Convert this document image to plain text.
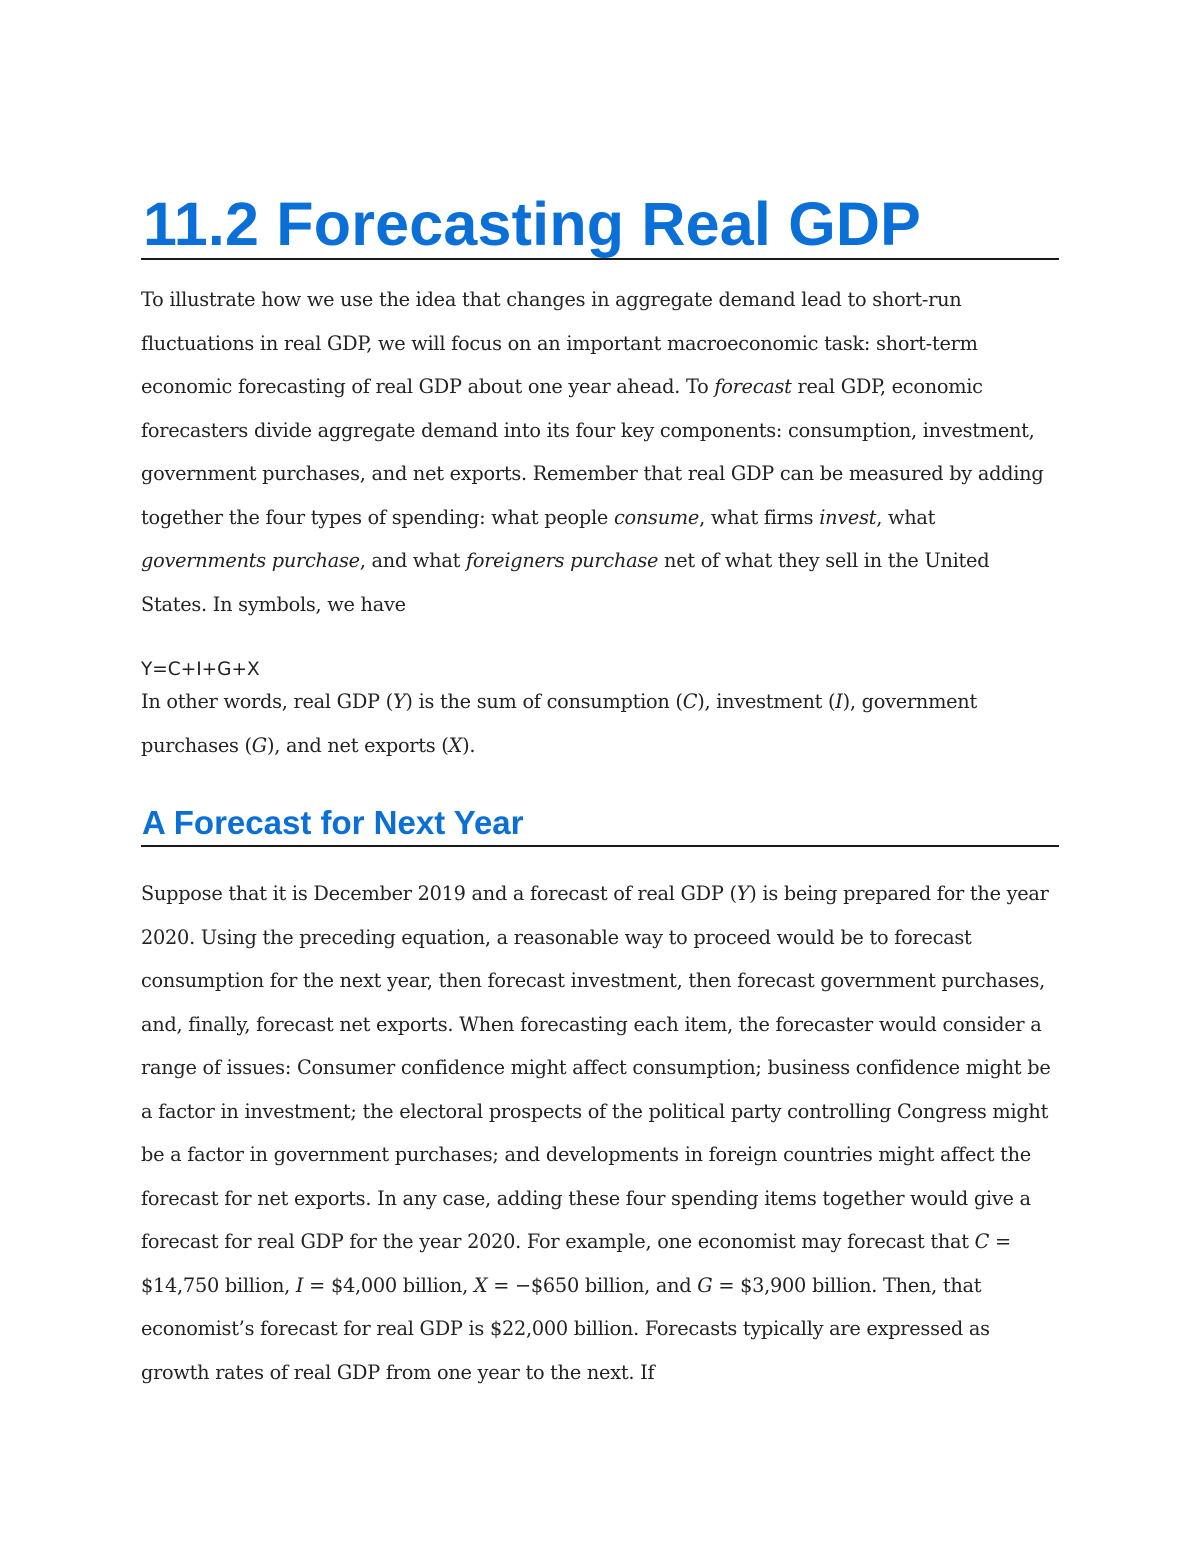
11.2 Forecasting Real GDP

To illustrate how we use the idea that changes in aggregate demand lead to short-run fluctuations in real GDP, we will focus on an important macroeconomic task: short-term economic forecasting of real GDP about one year ahead. To forecast real GDP, economic forecasters divide aggregate demand into its four key components: consumption, investment, government purchases, and net exports. Remember that real GDP can be measured by adding together the four types of spending: what people consume, what firms invest, what governments purchase, and what foreigners purchase net of what they sell in the United States. In symbols, we have

Y=C+I+G+X

In other words, real GDP (Y) is the sum of consumption (C), investment (I), government purchases (G), and net exports (X).

A Forecast for Next Year

Suppose that it is December 2019 and a forecast of real GDP (Y) is being prepared for the year 2020. Using the preceding equation, a reasonable way to proceed would be to forecast consumption for the next year, then forecast investment, then forecast government purchases, and, finally, forecast net exports. When forecasting each item, the forecaster would consider a range of issues: Consumer confidence might affect consumption; business confidence might be a factor in investment; the electoral prospects of the political party controlling Congress might be a factor in government purchases; and developments in foreign countries might affect the forecast for net exports. In any case, adding these four spending items together would give a forecast for real GDP for the year 2020. For example, one economist may forecast that C = $14,750 billion, I = $4,000 billion, X = −$650 billion, and G = $3,900 billion. Then, that economist’s forecast for real GDP is $22,000 billion. Forecasts typically are expressed as growth rates of real GDP from one year to the next. If
